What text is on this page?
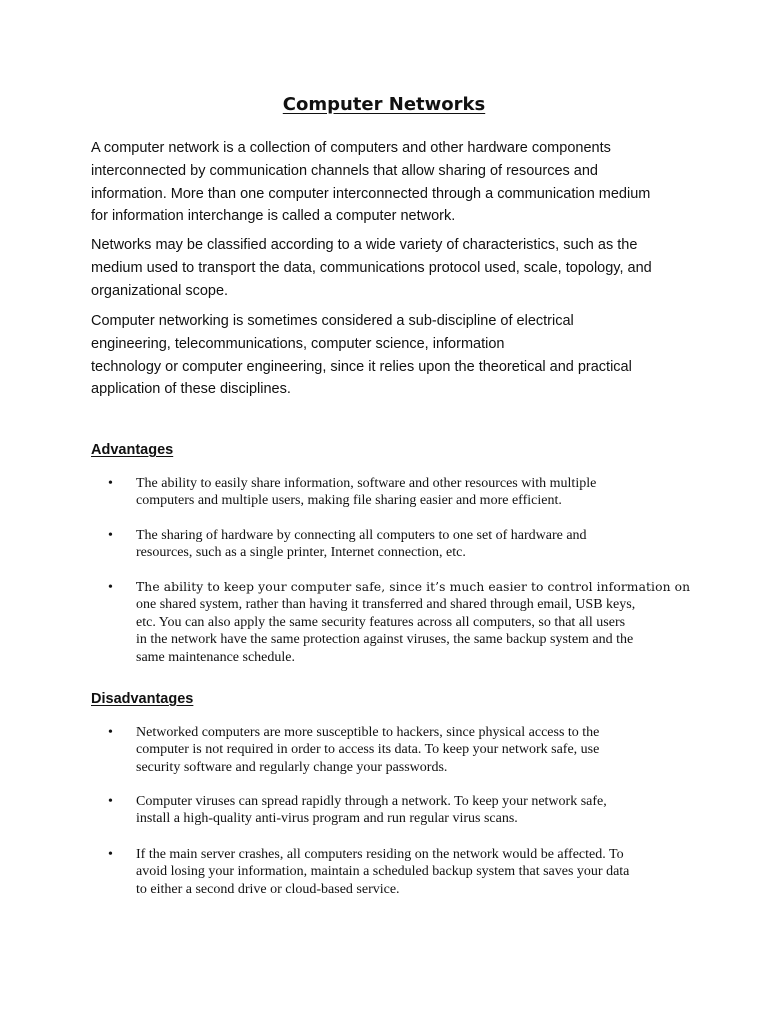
Computer Networks

A computer network is a collection of computers and other hardware components
interconnected by communication channels that allow sharing of resources and
information. More than one computer interconnected through a communication medium
for information interchange is called a computer network.

Networks may be classified according to a wide variety of characteristics, such as the
medium used to transport the data, communications protocol used, scale, topology, and
organizational scope.

Computer networking is sometimes considered a sub-discipline of electrical
engineering, telecommunications, computer science, information
technology or computer engineering, since it relies upon the theoretical and practical
application of these disciplines.

Advantages
•	The ability to easily share information, software and other resources with multiple
computers and multiple users, making file sharing easier and more efficient.
•	The sharing of hardware by connecting all computers to one set of hardware and
resources, such as a single printer, Internet connection, etc.
•	The ability to keep your computer safe, since it’s much easier to control information on
one shared system, rather than having it transferred and shared through email, USB keys,
etc. You can also apply the same security features across all computers, so that all users
in the network have the same protection against viruses, the same backup system and the
same maintenance schedule.
Disadvantages
•	Networked computers are more susceptible to hackers, since physical access to the
computer is not required in order to access its data. To keep your network safe, use
security software and regularly change your passwords.
•	Computer viruses can spread rapidly through a network. To keep your network safe,
install a high-quality anti-virus program and run regular virus scans.
•	If the main server crashes, all computers residing on the network would be affected. To
avoid losing your information, maintain a scheduled backup system that saves your data
to either a second drive or cloud-based service.
